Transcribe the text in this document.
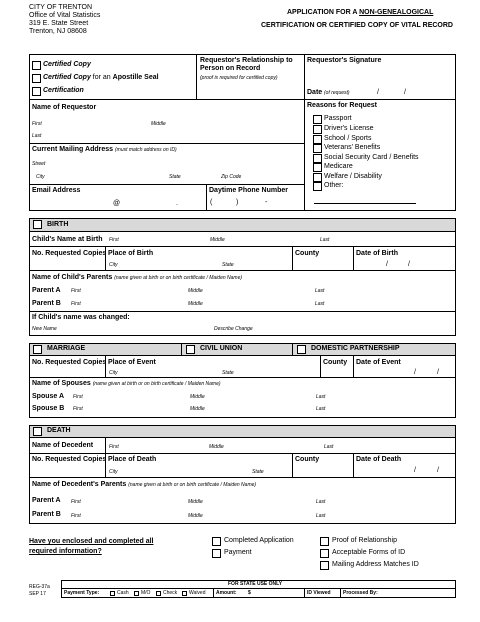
CITY OF TRENTON
Office of Vital Statistics
319 E. State Street
Trenton, NJ 08608
APPLICATION FOR A NON-GENEALOGICAL
CERTIFICATION OR CERTIFIED COPY OF VITAL RECORD
Certified Copy
Certified Copy for an Apostille Seal
Certification
Requestor's Relationship to
Person on Record
(proof is required for certified copy)
Requestor's Signature
Date (of request)	/	/
Name of Requestor
First	Middle
Last
Current Mailing Address (must match address on ID)
Street
City	State	Zip Code
Email Address
@	.
Daytime Phone Number
(	)	-
Reasons for Request
Passport
Driver's License
School / Sports
Veterans' Benefits
Social Security Card / Benefits
Medicare
Welfare / Disability
Other:
BIRTH
Child's Name at Birth First	Middle	Last
No. Requested Copies Place of Birth
City	State
County	Date of Birth
/	/
Name of Child's Parents (name given at birth or on birth certificate / Maiden Name)
Parent A First	Middle	Last
Parent B First	Middle	Last
If Child's name was changed:
New Name	Describe Change
MARRIAGE	CIVIL UNION	DOMESTIC PARTNERSHIP
No. Requested Copies Place of Event
City	State
County Date of Event
/	/
Name of Spouses (name given at birth or on birth certificate / Maiden Name)
Spouse A First	Middle	Last
Spouse B First	Middle	Last
DEATH
Name of Decedent	First	Middle	Last
No. Requested Copies Place of Death
City	State
County	Date of Death
/	/
Name of Decedent's Parents (name given at birth or on birth certificate / Maiden Name)
Parent A First	Middle	Last
Parent B First	Middle	Last
Have you enclosed and completed all
required information?
Completed Application
Payment
Proof of Relationship
Acceptable Forms of ID
Mailing Address Matches ID
REG-37a
SEP 17
FOR STATE USE ONLY
Payment Type:	Cash M/O	Check Waived Amount: $	ID Viewed Processed By:
